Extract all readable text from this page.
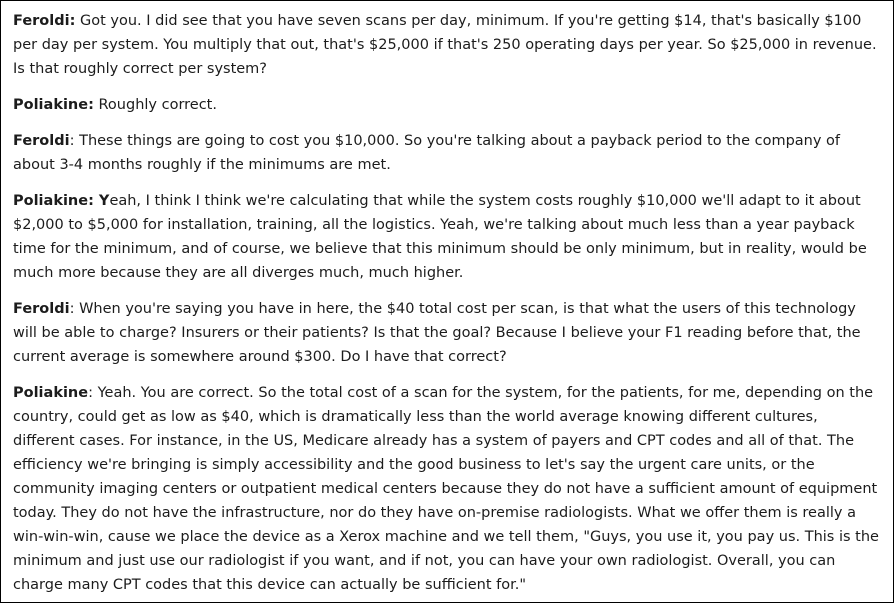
Feroldi: Got you. I did see that you have seven scans per day, minimum. If you're getting $14, that's basically $100 per day per system. You multiply that out, that's $25,000 if that's 250 operating days per year. So $25,000 in revenue. Is that roughly correct per system?

Poliakine: Roughly correct.

Feroldi: These things are going to cost you $10,000. So you're talking about a payback period to the company of about 3-4 months roughly if the minimums are met.

Poliakine: Yeah, I think I think we're calculating that while the system costs roughly $10,000 we'll adapt to it about $2,000 to $5,000 for installation, training, all the logistics. Yeah, we're talking about much less than a year payback time for the minimum, and of course, we believe that this minimum should be only minimum, but in reality, would be much more because they are all diverges much, much higher.

Feroldi: When you're saying you have in here, the $40 total cost per scan, is that what the users of this technology will be able to charge? Insurers or their patients? Is that the goal? Because I believe your F1 reading before that, the current average is somewhere around $300. Do I have that correct?

Poliakine: Yeah. You are correct. So the total cost of a scan for the system, for the patients, for me, depending on the country, could get as low as $40, which is dramatically less than the world average knowing different cultures, different cases. For instance, in the US, Medicare already has a system of payers and CPT codes and all of that. The efficiency we're bringing is simply accessibility and the good business to let's say the urgent care units, or the community imaging centers or outpatient medical centers because they do not have a sufficient amount of equipment today. They do not have the infrastructure, nor do they have on-premise radiologists. What we offer them is really a win-win-win, cause we place the device as a Xerox machine and we tell them, "Guys, you use it, you pay us. This is the minimum and just use our radiologist if you want, and if not, you can have your own radiologist. Overall, you can charge many CPT codes that this device can actually be sufficient for."
